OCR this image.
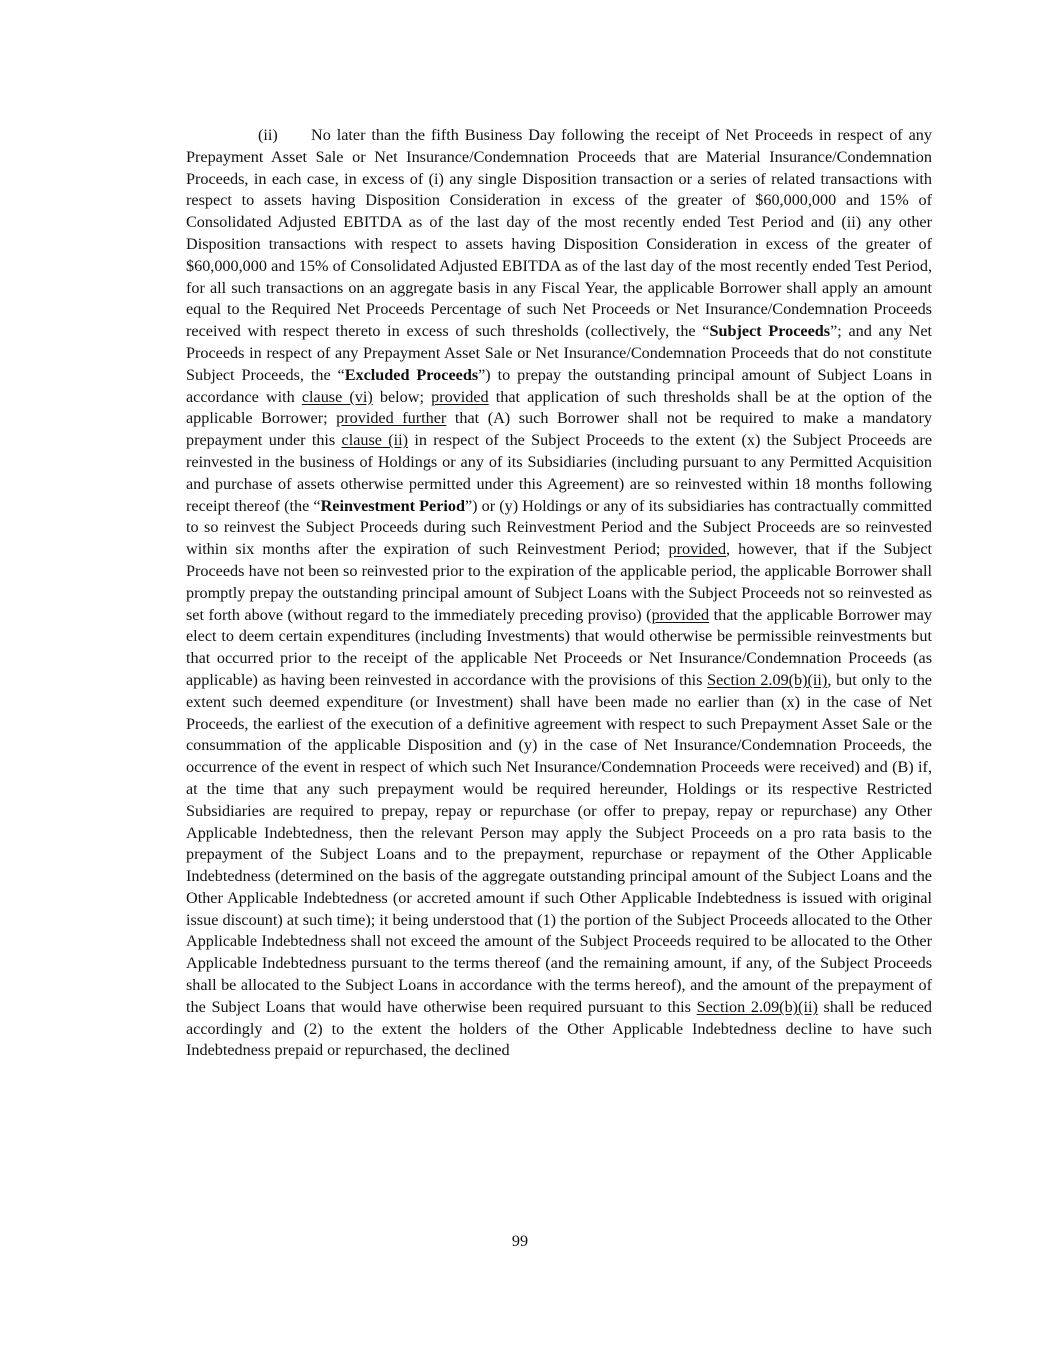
(ii) No later than the fifth Business Day following the receipt of Net Proceeds in respect of any Prepayment Asset Sale or Net Insurance/Condemnation Proceeds that are Material Insurance/Condemnation Proceeds, in each case, in excess of (i) any single Disposition transaction or a series of related transactions with respect to assets having Disposition Consideration in excess of the greater of $60,000,000 and 15% of Consolidated Adjusted EBITDA as of the last day of the most recently ended Test Period and (ii) any other Disposition transactions with respect to assets having Disposition Consideration in excess of the greater of $60,000,000 and 15% of Consolidated Adjusted EBITDA as of the last day of the most recently ended Test Period, for all such transactions on an aggregate basis in any Fiscal Year, the applicable Borrower shall apply an amount equal to the Required Net Proceeds Percentage of such Net Proceeds or Net Insurance/Condemnation Proceeds received with respect thereto in excess of such thresholds (collectively, the “Subject Proceeds”; and any Net Proceeds in respect of any Prepayment Asset Sale or Net Insurance/Condemnation Proceeds that do not constitute Subject Proceeds, the “Excluded Proceeds”) to prepay the outstanding principal amount of Subject Loans in accordance with clause (vi) below; provided that application of such thresholds shall be at the option of the applicable Borrower; provided further that (A) such Borrower shall not be required to make a mandatory prepayment under this clause (ii) in respect of the Subject Proceeds to the extent (x) the Subject Proceeds are reinvested in the business of Holdings or any of its Subsidiaries (including pursuant to any Permitted Acquisition and purchase of assets otherwise permitted under this Agreement) are so reinvested within 18 months following receipt thereof (the “Reinvestment Period”) or (y) Holdings or any of its subsidiaries has contractually committed to so reinvest the Subject Proceeds during such Reinvestment Period and the Subject Proceeds are so reinvested within six months after the expiration of such Reinvestment Period; provided, however, that if the Subject Proceeds have not been so reinvested prior to the expiration of the applicable period, the applicable Borrower shall promptly prepay the outstanding principal amount of Subject Loans with the Subject Proceeds not so reinvested as set forth above (without regard to the immediately preceding proviso) (provided that the applicable Borrower may elect to deem certain expenditures (including Investments) that would otherwise be permissible reinvestments but that occurred prior to the receipt of the applicable Net Proceeds or Net Insurance/Condemnation Proceeds (as applicable) as having been reinvested in accordance with the provisions of this Section 2.09(b)(ii), but only to the extent such deemed expenditure (or Investment) shall have been made no earlier than (x) in the case of Net Proceeds, the earliest of the execution of a definitive agreement with respect to such Prepayment Asset Sale or the consummation of the applicable Disposition and (y) in the case of Net Insurance/Condemnation Proceeds, the occurrence of the event in respect of which such Net Insurance/Condemnation Proceeds were received) and (B) if, at the time that any such prepayment would be required hereunder, Holdings or its respective Restricted Subsidiaries are required to prepay, repay or repurchase (or offer to prepay, repay or repurchase) any Other Applicable Indebtedness, then the relevant Person may apply the Subject Proceeds on a pro rata basis to the prepayment of the Subject Loans and to the prepayment, repurchase or repayment of the Other Applicable Indebtedness (determined on the basis of the aggregate outstanding principal amount of the Subject Loans and the Other Applicable Indebtedness (or accreted amount if such Other Applicable Indebtedness is issued with original issue discount) at such time); it being understood that (1) the portion of the Subject Proceeds allocated to the Other Applicable Indebtedness shall not exceed the amount of the Subject Proceeds required to be allocated to the Other Applicable Indebtedness pursuant to the terms thereof (and the remaining amount, if any, of the Subject Proceeds shall be allocated to the Subject Loans in accordance with the terms hereof), and the amount of the prepayment of the Subject Loans that would have otherwise been required pursuant to this Section 2.09(b)(ii) shall be reduced accordingly and (2) to the extent the holders of the Other Applicable Indebtedness decline to have such Indebtedness prepaid or repurchased, the declined

99
